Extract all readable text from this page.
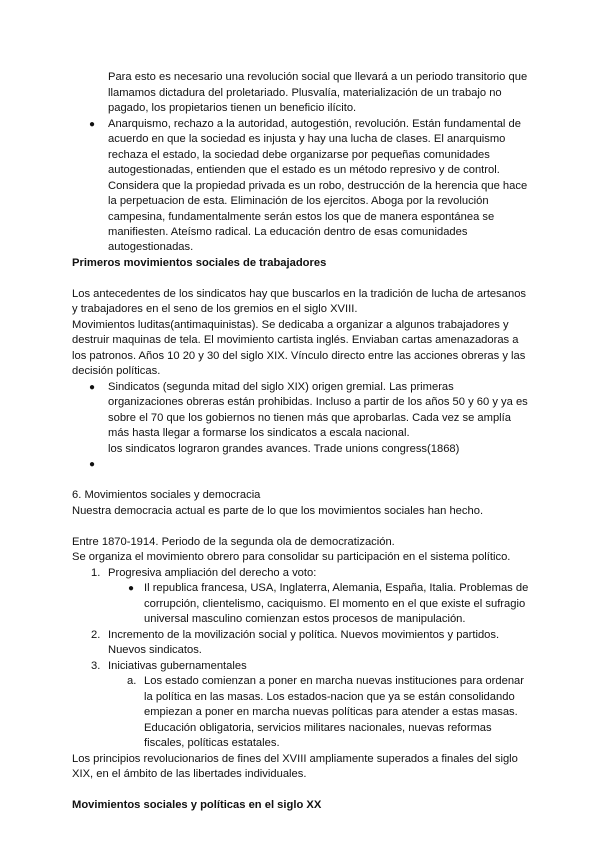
Para esto es necesario una revolución social que llevará a un periodo transitorio que
llamamos dictadura del proletariado. Plusvalía, materialización de un trabajo no
pagado, los propietarios tienen un beneficio ilícito.
● Anarquismo, rechazo a la autoridad, autogestión, revolución. Están fundamental de
acuerdo en que la sociedad es injusta y hay una lucha de clases. El anarquismo
rechaza el estado, la sociedad debe organizarse por pequeñas comunidades
autogestionadas, entienden que el estado es un método represivo y de control.
Considera que la propiedad privada es un robo, destrucción de la herencia que hace
la perpetuacion de esta. Eliminación de los ejercitos. Aboga por la revolución
campesina, fundamentalmente serán estos los que de manera espontánea se
manifiesten. Ateísmo radical. La educación dentro de esas comunidades
autogestionadas.
Primeros movimientos sociales de trabajadores
Los antecedentes de los sindicatos hay que buscarlos en la tradición de lucha de artesanos
y trabajadores en el seno de los gremios en el siglo XVIII.
Movimientos luditas(antimaquinistas). Se dedicaba a organizar a algunos trabajadores y
destruir maquinas de tela. El movimiento cartista inglés. Enviaban cartas amenazadoras a
los patronos. Años 10 20 y 30 del siglo XIX. Vínculo directo entre las acciones obreras y las
decisión políticas.
● Sindicatos (segunda mitad del siglo XIX) origen gremial. Las primeras
organizaciones obreras están prohibidas. Incluso a partir de los años 50 y 60 y ya es
sobre el 70 que los gobiernos no tienen más que aprobarlas. Cada vez se amplía
más hasta llegar a formarse los sindicatos a escala nacional.
los sindicatos lograron grandes avances. Trade unions congress(1868)
●
6. Movimientos sociales y democracia
Nuestra democracia actual es parte de lo que los movimientos sociales han hecho.
Entre 1870-1914. Periodo de la segunda ola de democratización.
Se organiza el movimiento obrero para consolidar su participación en el sistema político.
1. Progresiva ampliación del derecho a voto:
● Il republica francesa, USA, Inglaterra, Alemania, España, Italia. Problemas de
corrupción, clientelismo, caciquismo. El momento en el que existe el sufragio
universal masculino comienzan estos procesos de manipulación.
2. Incremento de la movilización social y política. Nuevos movimientos y partidos.
Nuevos sindicatos.
3. Iniciativas gubernamentales
a. Los estado comienzan a poner en marcha nuevas instituciones para ordenar
la política en las masas. Los estados-nacion que ya se están consolidando
empiezan a poner en marcha nuevas políticas para atender a estas masas.
Educación obligatoria, servicios militares nacionales, nuevas reformas
fiscales, políticas estatales.
Los principios revolucionarios de fines del XVIII ampliamente superados a finales del siglo
XIX, en el ámbito de las libertades individuales.
Movimientos sociales y políticas en el siglo XX
